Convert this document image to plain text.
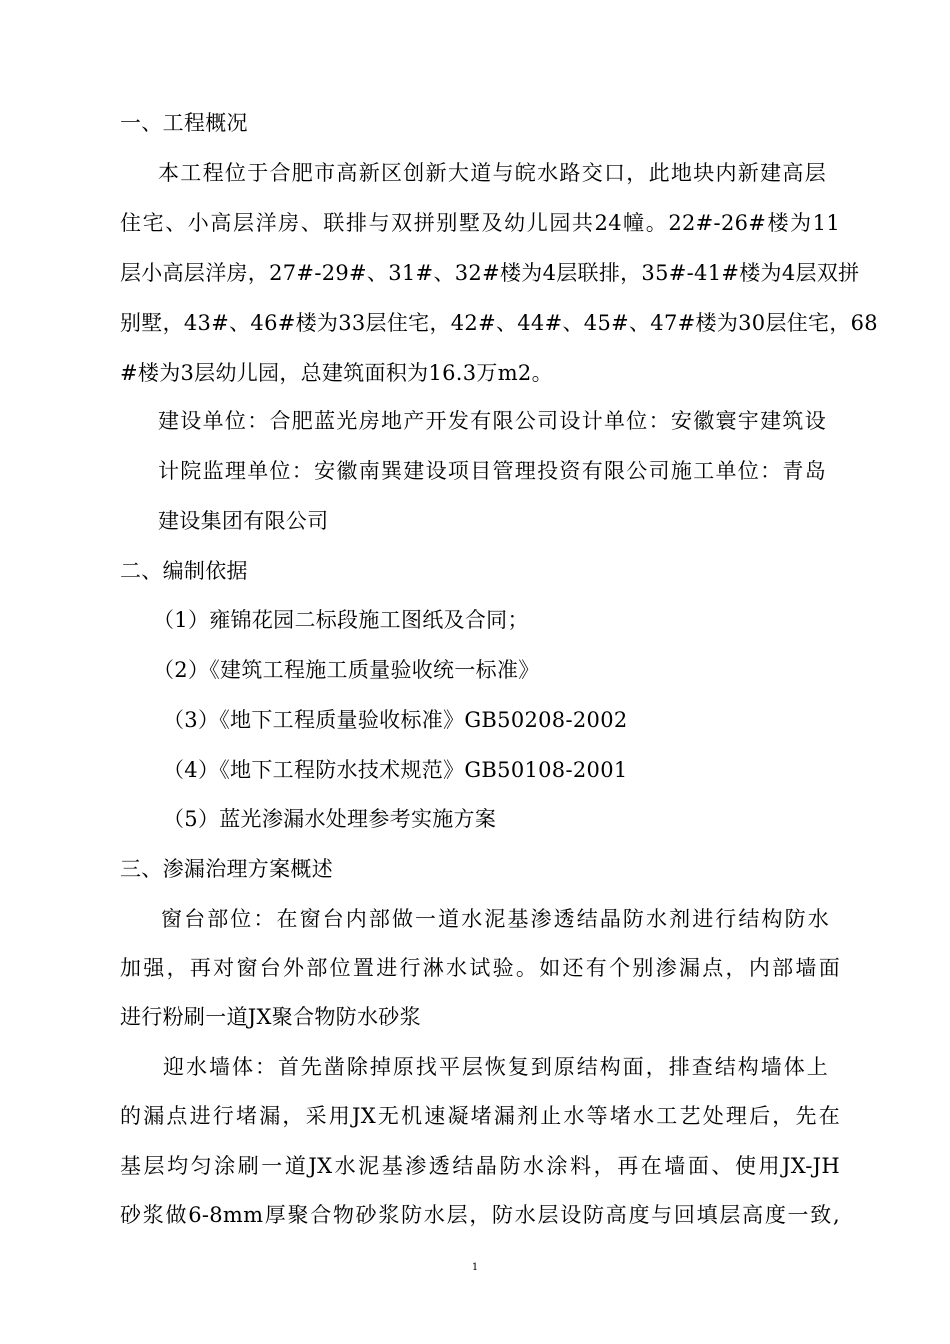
一、工程概况
本工程位于合肥市高新区创新大道与皖水路交口，此地块内新建高层
住宅、小高层洋房、联排与双拼别墅及幼儿园共24幢。22#-26#楼为11
层小高层洋房，27#-29#、31#、32#楼为4层联排，35#-41#楼为4层双拼
别墅，43#、46#楼为33层住宅，42#、44#、45#、47#楼为30层住宅，68
#楼为3层幼儿园，总建筑面积为16.3万m2。
建设单位：合肥蓝光房地产开发有限公司设计单位：安徽寰宇建筑设
计院监理单位：安徽南巽建设项目管理投资有限公司施工单位：青岛
建设集团有限公司
二、编制依据
（1）雍锦花园二标段施工图纸及合同；
（2）《建筑工程施工质量验收统一标准》
（3）《地下工程质量验收标准》GB50208-2002
（4）《地下工程防水技术规范》GB50108-2001
（5）蓝光渗漏水处理参考实施方案
三、渗漏治理方案概述
窗台部位：在窗台内部做一道水泥基渗透结晶防水剂进行结构防水
加强，再对窗台外部位置进行淋水试验。如还有个别渗漏点，内部墙面
进行粉刷一道JX聚合物防水砂浆
迎水墙体：首先凿除掉原找平层恢复到原结构面，排查结构墙体上
的漏点进行堵漏，采用JX无机速凝堵漏剂止水等堵水工艺处理后，先在
基层均匀涂刷一道JX水泥基渗透结晶防水涂料，再在墙面、使用JX-JH
砂浆做6-8mm厚聚合物砂浆防水层，防水层设防高度与回填层高度一致,
1
